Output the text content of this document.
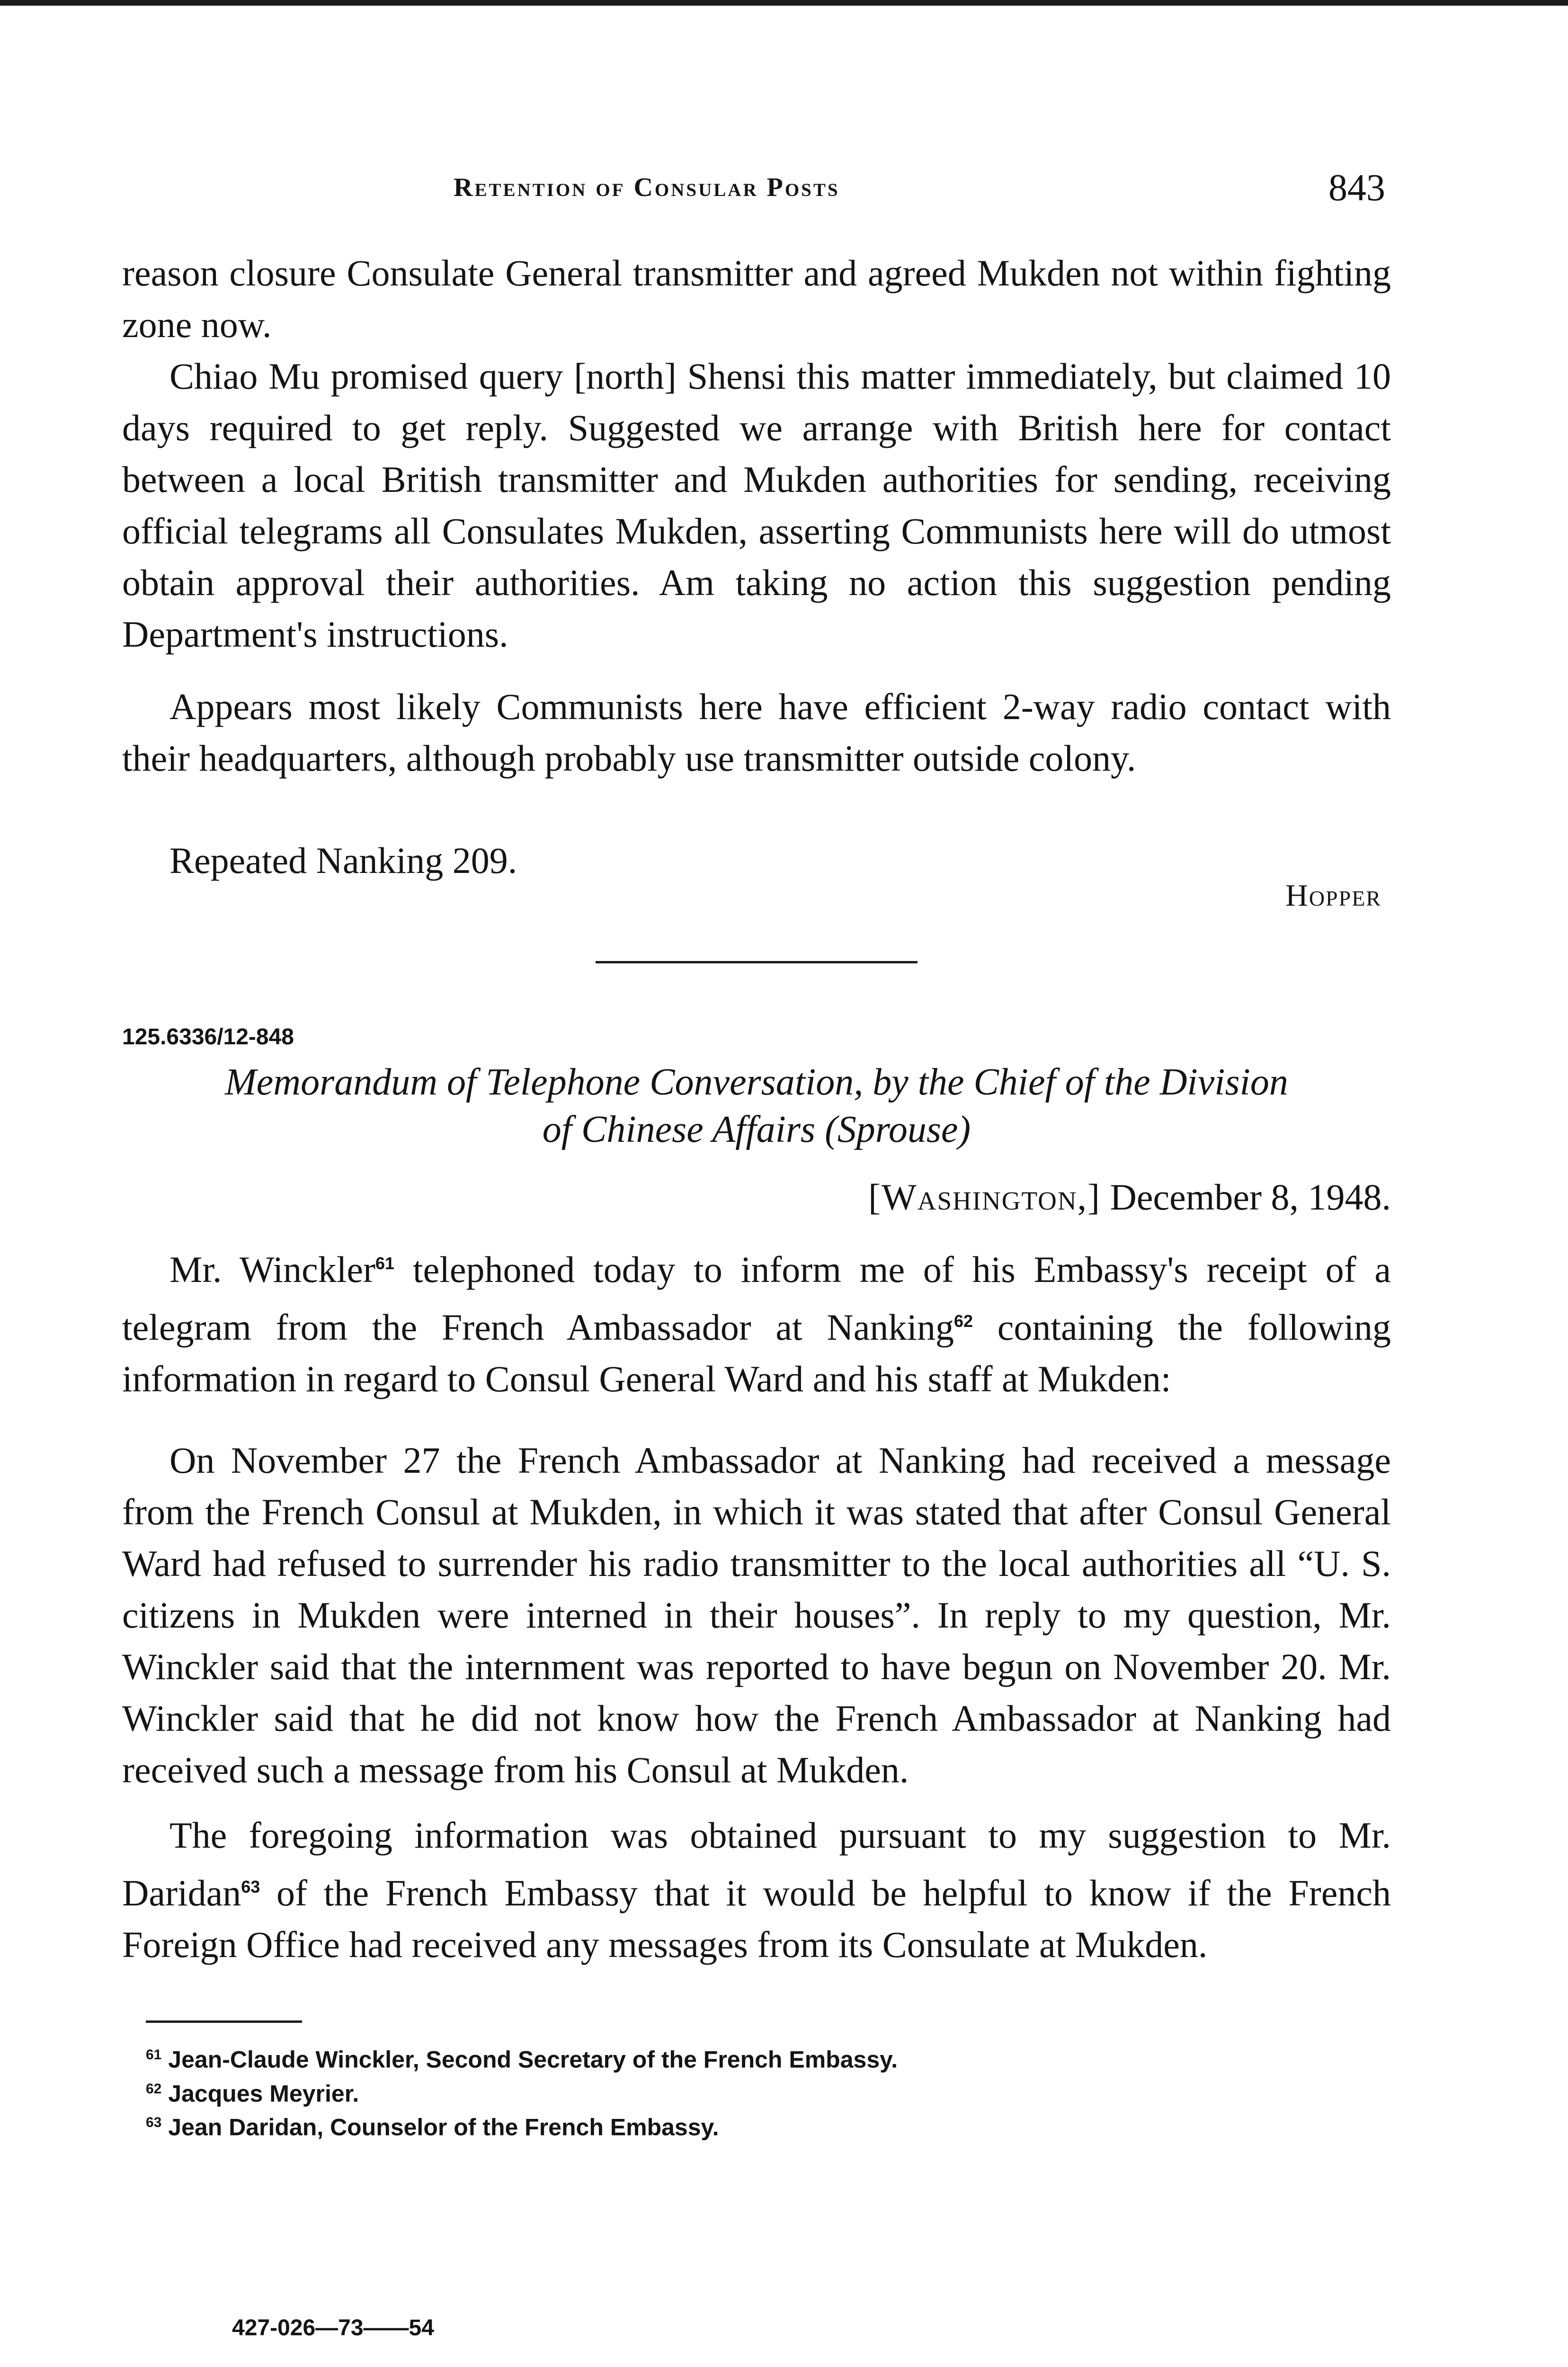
Retention of Consular Posts	843

reason closure Consulate General transmitter and agreed Mukden not within fighting zone now.

Chiao Mu promised query [north] Shensi this matter immediately, but claimed 10 days required to get reply. Suggested we arrange with British here for contact between a local British transmitter and Mukden authorities for sending, receiving official telegrams all Consulates Mukden, asserting Communists here will do utmost obtain approval their authorities. Am taking no action this suggestion pending Department's instructions.

Appears most likely Communists here have efficient 2-way radio contact with their headquarters, although probably use transmitter outside colony.

Repeated Nanking 209.

Hopper
125.6336/12-848
Memorandum of Telephone Conversation, by the Chief of the Division
of Chinese Affairs (Sprouse)
[Washington,] December 8, 1948.

Mr. Winckler$^{61}$ telephoned today to inform me of his Embassy's receipt of a telegram from the French Ambassador at Nanking$^{62}$ containing the following information in regard to Consul General Ward and his staff at Mukden:

On November 27 the French Ambassador at Nanking had received a message from the French Consul at Mukden, in which it was stated that after Consul General Ward had refused to surrender his radio transmitter to the local authorities all “U. S. citizens in Mukden were interned in their houses”. In reply to my question, Mr. Winckler said that the internment was reported to have begun on November 20. Mr. Winckler said that he did not know how the French Ambassador at Nanking had received such a message from his Consul at Mukden.

The foregoing information was obtained pursuant to my suggestion to Mr. Daridan$^{63}$ of the French Embassy that it would be helpful to know if the French Foreign Office had received any messages from its Consulate at Mukden.

$^{61}$ Jean-Claude Winckler, Second Secretary of the French Embassy.
$^{62}$ Jacques Meyrier.
$^{63}$ Jean Daridan, Counselor of the French Embassy.
427-026—73——54
